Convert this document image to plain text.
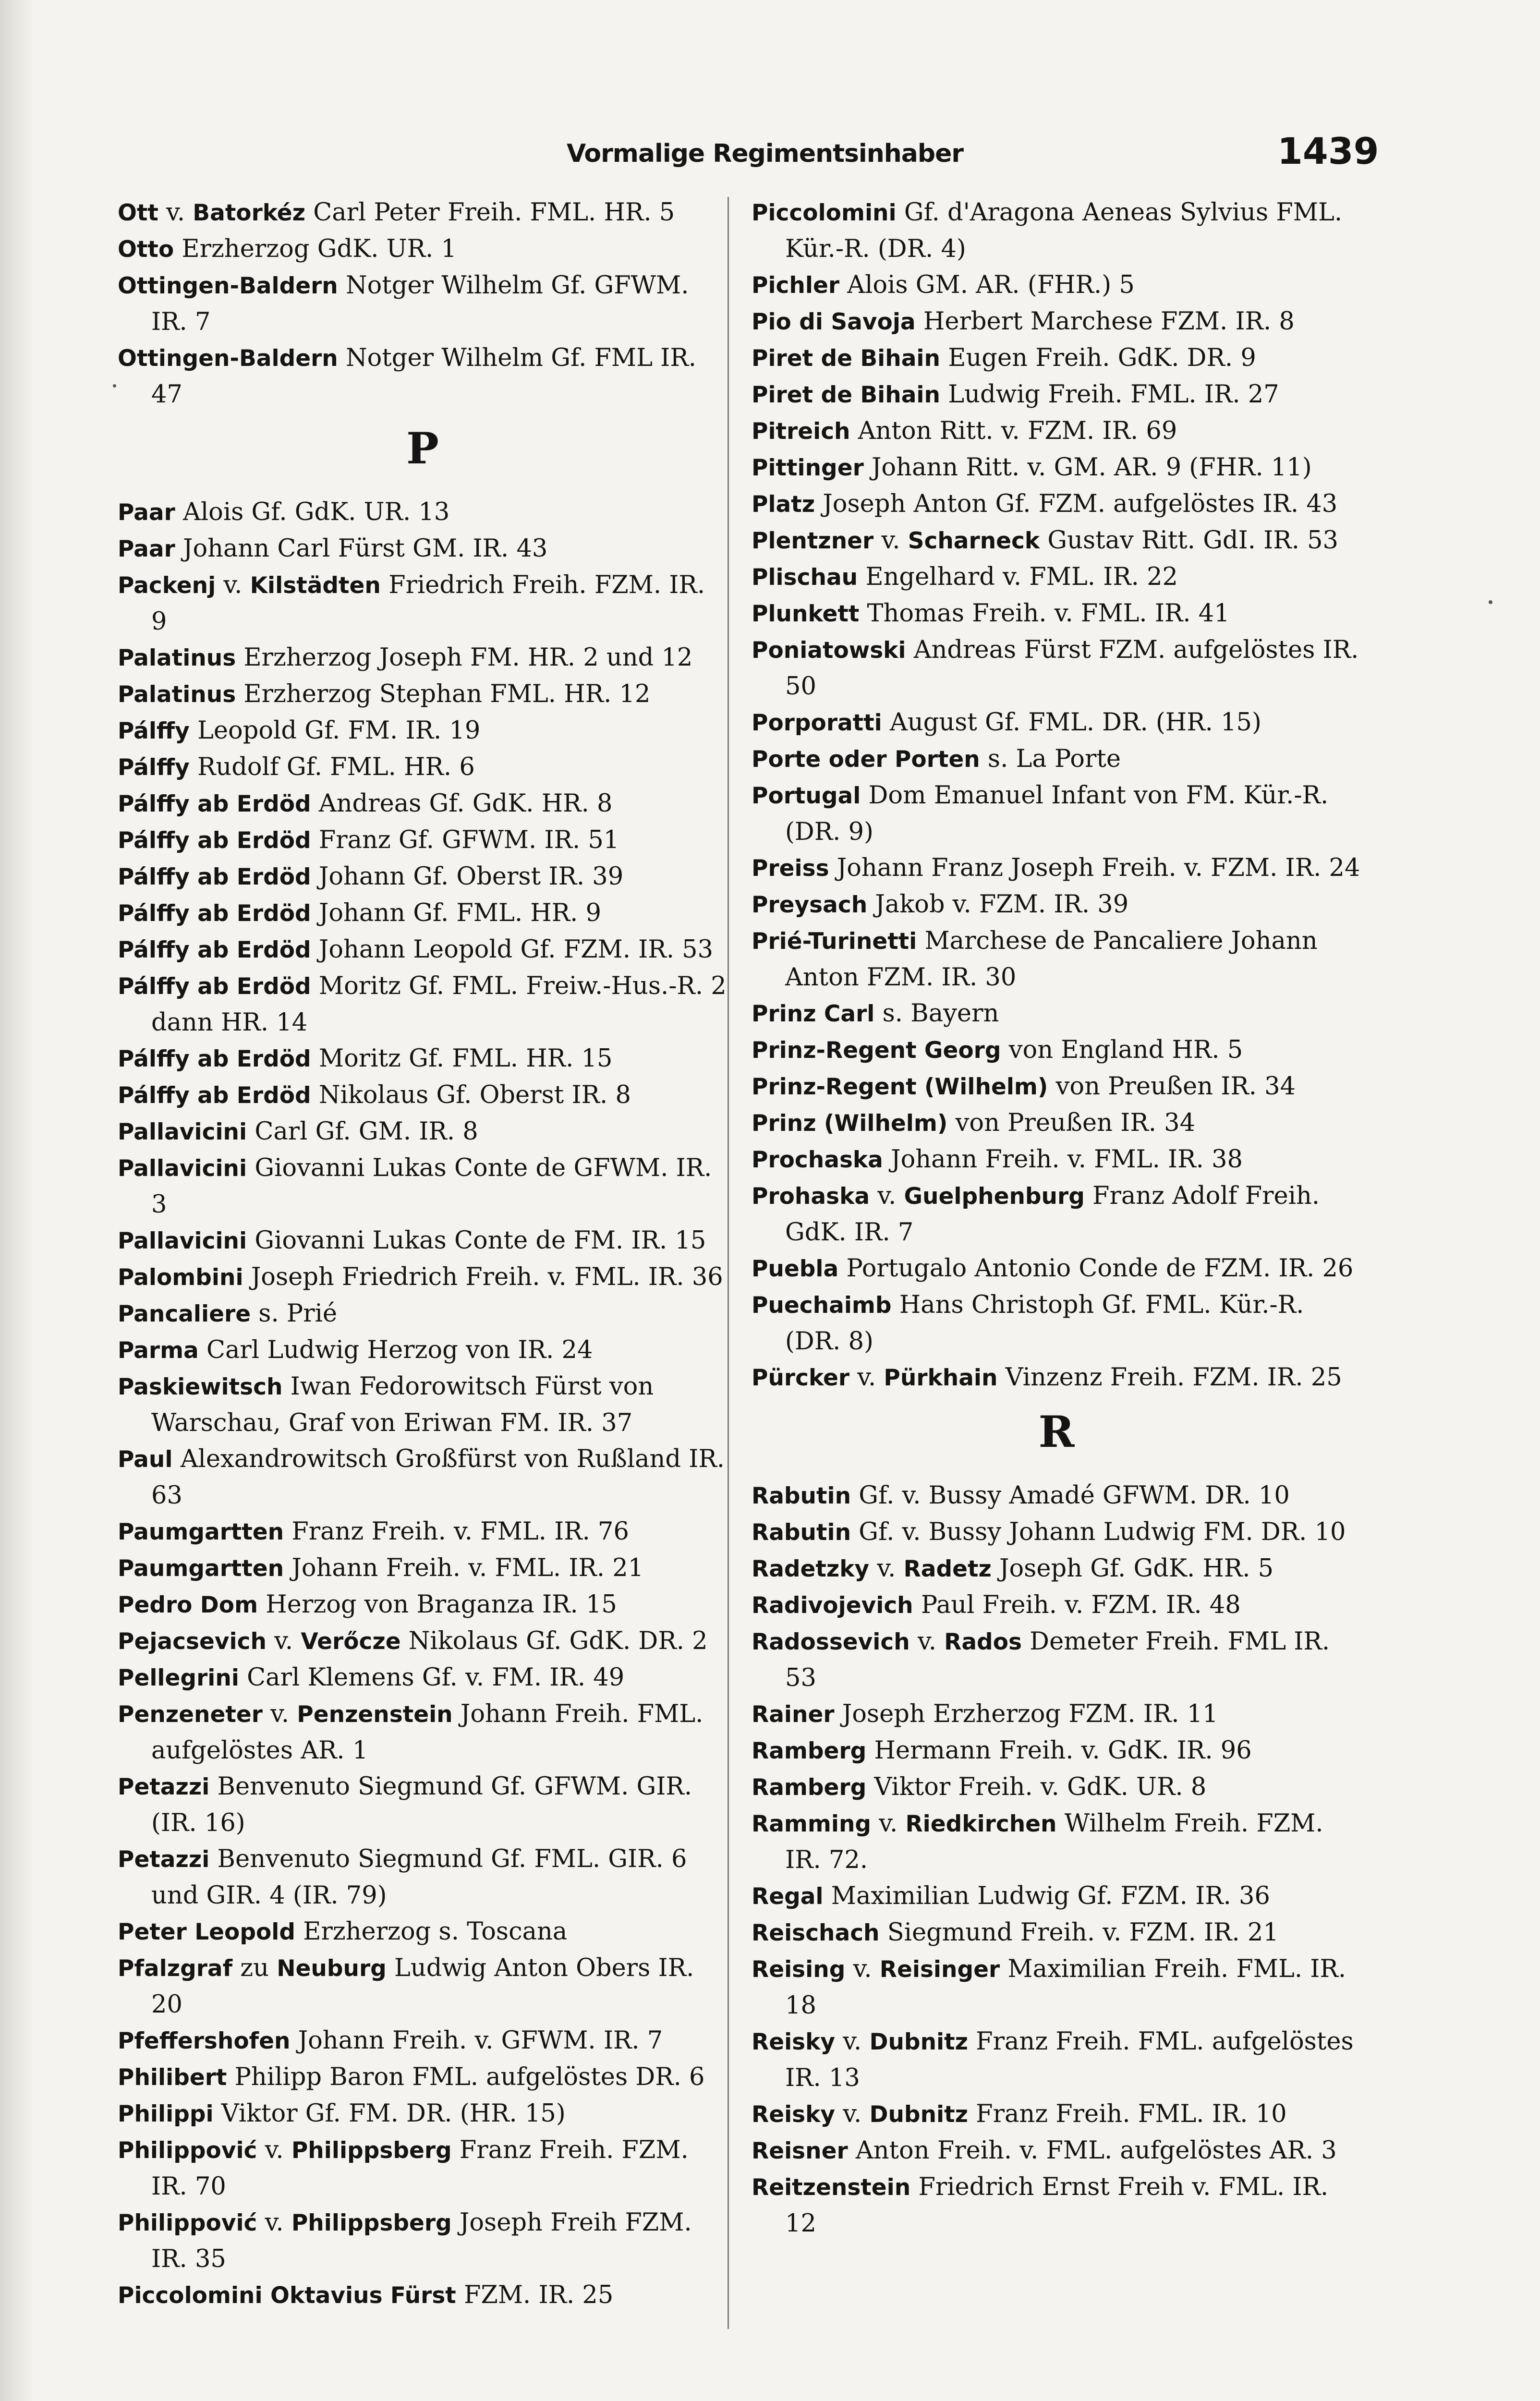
Vormalige Regimentsinhaber	1439

Ott v. Batorkéz Carl Peter Freih. FML. HR. 5

Otto Erzherzog GdK. UR. 1

Ottingen-Baldern Notger Wilhelm Gf. GFWM. IR. 7

Ottingen-Baldern Notger Wilhelm Gf. FML IR. 47

P

Paar Alois Gf. GdK. UR. 13

Paar Johann Carl Fürst GM. IR. 43

Packenj v. Kilstädten Friedrich Freih. FZM. IR. 9

Palatinus Erzherzog Joseph FM. HR. 2 und 12

Palatinus Erzherzog Stephan FML. HR. 12

Pálffy Leopold Gf. FM. IR. 19

Pálffy Rudolf Gf. FML. HR. 6

Pálffy ab Erdöd Andreas Gf. GdK. HR. 8

Pálffy ab Erdöd Franz Gf. GFWM. IR. 51

Pálffy ab Erdöd Johann Gf. Oberst IR. 39

Pálffy ab Erdöd Johann Gf. FML. HR. 9

Pálffy ab Erdöd Johann Leopold Gf. FZM. IR. 53

Pálffy ab Erdöd Moritz Gf. FML. Freiw.-Hus.-R. 2 dann HR. 14

Pálffy ab Erdöd Moritz Gf. FML. HR. 15

Pálffy ab Erdöd Nikolaus Gf. Oberst IR. 8

Pallavicini Carl Gf. GM. IR. 8

Pallavicini Giovanni Lukas Conte de GFWM. IR. 3

Pallavicini Giovanni Lukas Conte de FM. IR. 15

Palombini Joseph Friedrich Freih. v. FML. IR. 36

Pancaliere s. Prié

Parma Carl Ludwig Herzog von IR. 24

Paskiewitsch Iwan Fedorowitsch Fürst von Warschau, Graf von Eriwan FM. IR. 37

Paul Alexandrowitsch Großfürst von Rußland IR. 63

Paumgartten Franz Freih. v. FML. IR. 76

Paumgartten Johann Freih. v. FML. IR. 21

Pedro Dom Herzog von Braganza IR. 15

Pejacsevich v. Verőcze Nikolaus Gf. GdK. DR. 2

Pellegrini Carl Klemens Gf. v. FM. IR. 49

Penzeneter v. Penzenstein Johann Freih. FML. aufgelöstes AR. 1

Petazzi Benvenuto Siegmund Gf. GFWM. GIR. (IR. 16)

Petazzi Benvenuto Siegmund Gf. FML. GIR. 6 und GIR. 4 (IR. 79)

Peter Leopold Erzherzog s. Toscana

Pfalzgraf zu Neuburg Ludwig Anton Obers IR. 20

Pfeffershofen Johann Freih. v. GFWM. IR. 7

Philibert Philipp Baron FML. aufgelöstes DR. 6

Philippi Viktor Gf. FM. DR. (HR. 15)

Philippović v. Philippsberg Franz Freih. FZM. IR. 70

Philippović v. Philippsberg Joseph Freih FZM. IR. 35

Piccolomini Oktavius Fürst FZM. IR. 25

Piccolomini Gf. d'Aragona Aeneas Sylvius FML. Kür.-R. (DR. 4)

Pichler Alois GM. AR. (FHR.) 5

Pio di Savoja Herbert Marchese FZM. IR. 8

Piret de Bihain Eugen Freih. GdK. DR. 9

Piret de Bihain Ludwig Freih. FML. IR. 27

Pitreich Anton Ritt. v. FZM. IR. 69

Pittinger Johann Ritt. v. GM. AR. 9 (FHR. 11)

Platz Joseph Anton Gf. FZM. aufgelöstes IR. 43

Plentzner v. Scharneck Gustav Ritt. GdI. IR. 53

Plischau Engelhard v. FML. IR. 22

Plunkett Thomas Freih. v. FML. IR. 41

Poniatowski Andreas Fürst FZM. aufgelöstes IR. 50

Porporatti August Gf. FML. DR. (HR. 15)

Porte oder Porten s. La Porte

Portugal Dom Emanuel Infant von FM. Kür.-R. (DR. 9)

Preiss Johann Franz Joseph Freih. v. FZM. IR. 24

Preysach Jakob v. FZM. IR. 39

Prié-Turinetti Marchese de Pancaliere Johann Anton FZM. IR. 30

Prinz Carl s. Bayern

Prinz-Regent Georg von England HR. 5

Prinz-Regent (Wilhelm) von Preußen IR. 34

Prinz (Wilhelm) von Preußen IR. 34

Prochaska Johann Freih. v. FML. IR. 38

Prohaska v. Guelphenburg Franz Adolf Freih. GdK. IR. 7

Puebla Portugalo Antonio Conde de FZM. IR. 26

Puechaimb Hans Christoph Gf. FML. Kür.-R. (DR. 8)

Pürcker v. Pürkhain Vinzenz Freih. FZM. IR. 25

R

Rabutin Gf. v. Bussy Amadé GFWM. DR. 10

Rabutin Gf. v. Bussy Johann Ludwig FM. DR. 10

Radetzky v. Radetz Joseph Gf. GdK. HR. 5

Radivojevich Paul Freih. v. FZM. IR. 48

Radossevich v. Rados Demeter Freih. FML IR. 53

Rainer Joseph Erzherzog FZM. IR. 11

Ramberg Hermann Freih. v. GdK. IR. 96

Ramberg Viktor Freih. v. GdK. UR. 8

Ramming v. Riedkirchen Wilhelm Freih. FZM. IR. 72.

Regal Maximilian Ludwig Gf. FZM. IR. 36

Reischach Siegmund Freih. v. FZM. IR. 21

Reising v. Reisinger Maximilian Freih. FML. IR. 18

Reisky v. Dubnitz Franz Freih. FML. aufgelöstes IR. 13

Reisky v. Dubnitz Franz Freih. FML. IR. 10

Reisner Anton Freih. v. FML. aufgelöstes AR. 3

Reitzenstein Friedrich Ernst Freih v. FML. IR. 12
